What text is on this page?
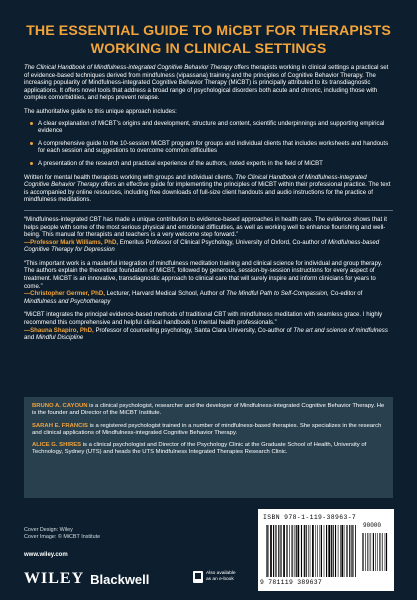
THE ESSENTIAL GUIDE TO MiCBT FOR THERAPISTS
WORKING IN CLINICAL SETTINGS

The Clinical Handbook of Mindfulness-integrated Cognitive Behavior Therapy offers therapists working in clinical settings a practical set of evidence-based techniques derived from mindfulness (vipassana) training and the principles of Cognitive Behavior Therapy. The increasing popularity of Mindfulness-integrated Cognitive Behavior Therapy (MiCBT) is principally attributed to its transdiagnostic applications. It offers novel tools that address a broad range of psychological disorders both acute and chronic, including those with complex comorbidities, and helps prevent relapse.

The authoritative guide to this unique approach includes:

A clear explanation of MiCBT's origins and development, structure and content, scientific underpinnings and supporting empirical evidence
A comprehensive guide to the 10-session MiCBT program for groups and individual clients that includes worksheets and handouts for each session and suggestions to overcome common difficulties
A presentation of the research and practical experience of the authors, noted experts in the field of MiCBT

Written for mental health therapists working with groups and individual clients, The Clinical Handbook of Mindfulness-integrated Cognitive Behavior Therapy offers an effective guide for implementing the principles of MiCBT within their professional practice. The text is accompanied by online resources, including free downloads of full-size client handouts and audio instructions for the practice of mindfulness meditations.

“Mindfulness-integrated CBT has made a unique contribution to evidence-based approaches in health care. The evidence shows that it helps people with some of the most serious physical and emotional difficulties, as well as working well to enhance flourishing and well-being. This manual for therapists and teachers is a very welcome step forward.”
—Professor Mark Williams, PhD, Emeritus Professor of Clinical Psychology, University of Oxford, Co-author of Mindfulness-based Cognitive Therapy for Depression

“This important work is a masterful integration of mindfulness meditation training and clinical science for individual and group therapy. The authors explain the theoretical foundation of MiCBT, followed by generous, session-by-session instructions for every aspect of treatment. MiCBT is an innovative, transdiagnostic approach to clinical care that will surely inspire and inform clinicians for years to come.”
—Christopher Germer, PhD, Lecturer, Harvard Medical School, Author of The Mindful Path to Self-Compassion, Co-editor of Mindfulness and Psychotherapy

“MiCBT integrates the principal evidence-based methods of traditional CBT with mindfulness meditation with seamless grace. I highly recommend this comprehensive and helpful clinical handbook to mental health professionals.”
—Shauna Shapiro, PhD, Professor of counseling psychology, Santa Clara University, Co-author of The art and science of mindfulness and Mindful Discipline

BRUNO A. CAYOUN is a clinical psychologist, researcher and the developer of Mindfulness-integrated Cognitive Behavior Therapy. He is the founder and Director of the MiCBT Institute.

SARAH E. FRANCIS is a registered psychologist trained in a number of mindfulness-based therapies. She specializes in the research and clinical applications of Mindfulness-integrated Cognitive Behavior Therapy.

ALICE G. SHIRES is a clinical psychologist and Director of the Psychology Clinic at the Graduate School of Health, University of Technology, Sydney (UTS) and heads the UTS Mindfulness Integrated Therapies Research Clinic.

Cover Design: Wiley
Cover Image: © MiCBT Institute
www.wiley.com
WILEY Blackwell	Also available
as an e-book
ISBN 978-1-119-38963-7
90000
9 781119 389637
